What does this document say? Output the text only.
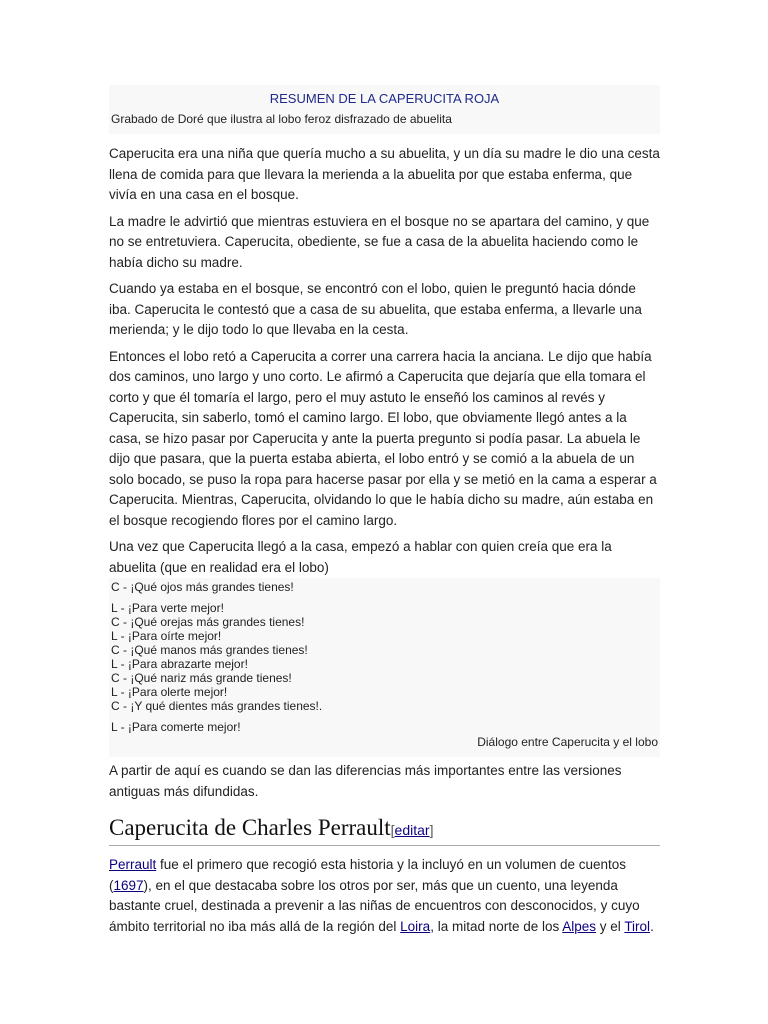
RESUMEN DE LA CAPERUCITA ROJA
Grabado de Doré que ilustra al lobo feroz disfrazado de abuelita

Caperucita era una niña que quería mucho a su abuelita, y un día su madre le dio una cesta llena de comida para que llevara la merienda a la abuelita por que estaba enferma, que vivía en una casa en el bosque.

La madre le advirtió que mientras estuviera en el bosque no se apartara del camino, y que no se entretuviera. Caperucita, obediente, se fue a casa de la abuelita haciendo como le había dicho su madre.

Cuando ya estaba en el bosque, se encontró con el lobo, quien le preguntó hacia dónde iba. Caperucita le contestó que a casa de su abuelita, que estaba enferma, a llevarle una merienda; y le dijo todo lo que llevaba en la cesta.

Entonces el lobo retó a Caperucita a correr una carrera hacia la anciana. Le dijo que había dos caminos, uno largo y uno corto. Le afirmó a Caperucita que dejaría que ella tomara el corto y que él tomaría el largo, pero el muy astuto le enseñó los caminos al revés y Caperucita, sin saberlo, tomó el camino largo. El lobo, que obviamente llegó antes a la casa, se hizo pasar por Caperucita y ante la puerta pregunto si podía pasar. La abuela le dijo que pasara, que la puerta estaba abierta, el lobo entró y se comió a la abuela de un solo bocado, se puso la ropa para hacerse pasar por ella y se metió en la cama a esperar a Caperucita. Mientras, Caperucita, olvidando lo que le había dicho su madre, aún estaba en el bosque recogiendo flores por el camino largo.

Una vez que Caperucita llegó a la casa, empezó a hablar con quien creía que era la abuelita (que en realidad era el lobo)

C - ¡Qué ojos más grandes tienes!
L - ¡Para verte mejor!
C - ¡Qué orejas más grandes tienes!
L - ¡Para oírte mejor!
C - ¡Qué manos más grandes tienes!
L - ¡Para abrazarte mejor!
C - ¡Qué nariz más grande tienes!
L - ¡Para olerte mejor!
C - ¡Y qué dientes más grandes tienes!.
L - ¡Para comerte mejor!
Diálogo entre Caperucita y el lobo

A partir de aquí es cuando se dan las diferencias más importantes entre las versiones antiguas más difundidas.

Caperucita de Charles Perrault[editar]

Perrault fue el primero que recogió esta historia y la incluyó en un volumen de cuentos (1697), en el que destacaba sobre los otros por ser, más que un cuento, una leyenda bastante cruel, destinada a prevenir a las niñas de encuentros con desconocidos, y cuyo ámbito territorial no iba más allá de la región del Loira, la mitad norte de los Alpes y el Tirol.
